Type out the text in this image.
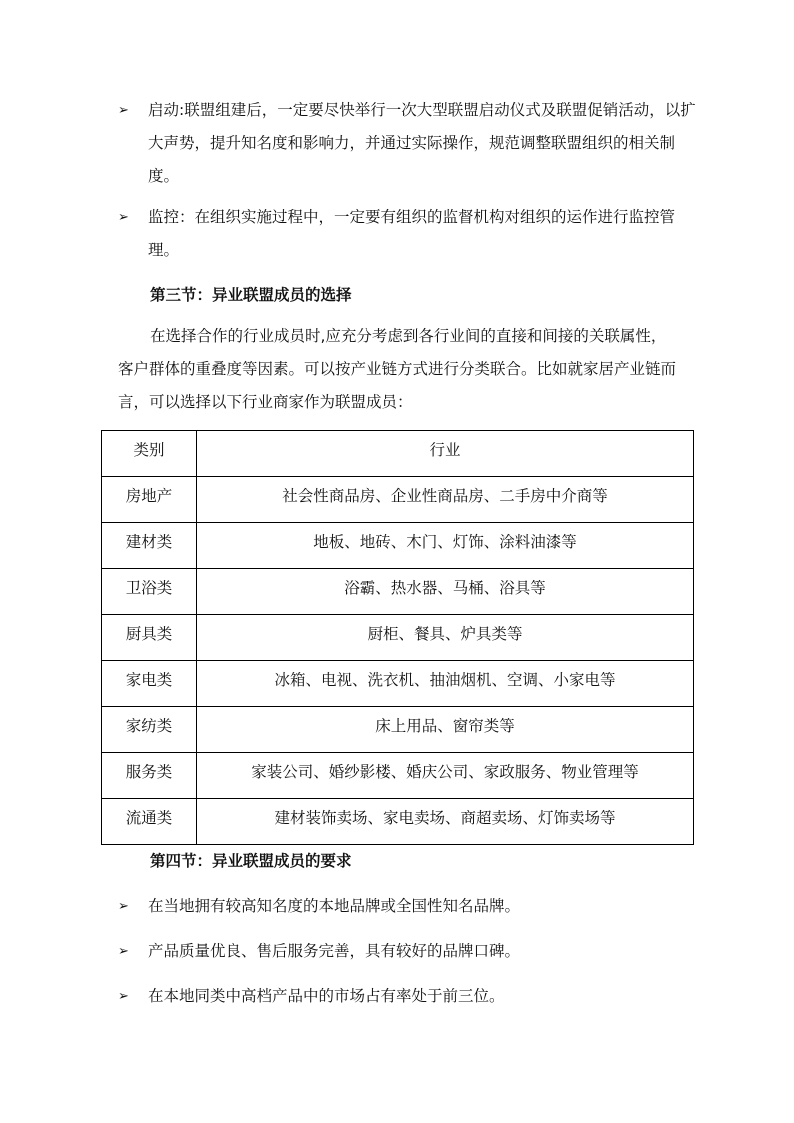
➢ 启动:联盟组建后，一定要尽快举行一次大型联盟启动仪式及联盟促销活动，以扩大声势，提升知名度和影响力，并通过实际操作，规范调整联盟组织的相关制度。
➢ 监控：在组织实施过程中，一定要有组织的监督机构对组织的运作进行监控管理。
第三节：异业联盟成员的选择
在选择合作的行业成员时,应充分考虑到各行业间的直接和间接的关联属性，客户群体的重叠度等因素。可以按产业链方式进行分类联合。比如就家居产业链而言，可以选择以下行业商家作为联盟成员：
类别	行业
房地产	社会性商品房、企业性商品房、二手房中介商等
建材类	地板、地砖、木门、灯饰、涂料油漆等
卫浴类	浴霸、热水器、马桶、浴具等
厨具类	厨柜、餐具、炉具类等
家电类	冰箱、电视、洗衣机、抽油烟机、空调、小家电等
家纺类	床上用品、窗帘类等
服务类	家装公司、婚纱影楼、婚庆公司、家政服务、物业管理等
流通类	建材装饰卖场、家电卖场、商超卖场、灯饰卖场等
第四节：异业联盟成员的要求
➢ 在当地拥有较高知名度的本地品牌或全国性知名品牌。
➢ 产品质量优良、售后服务完善，具有较好的品牌口碑。
➢ 在本地同类中高档产品中的市场占有率处于前三位。
